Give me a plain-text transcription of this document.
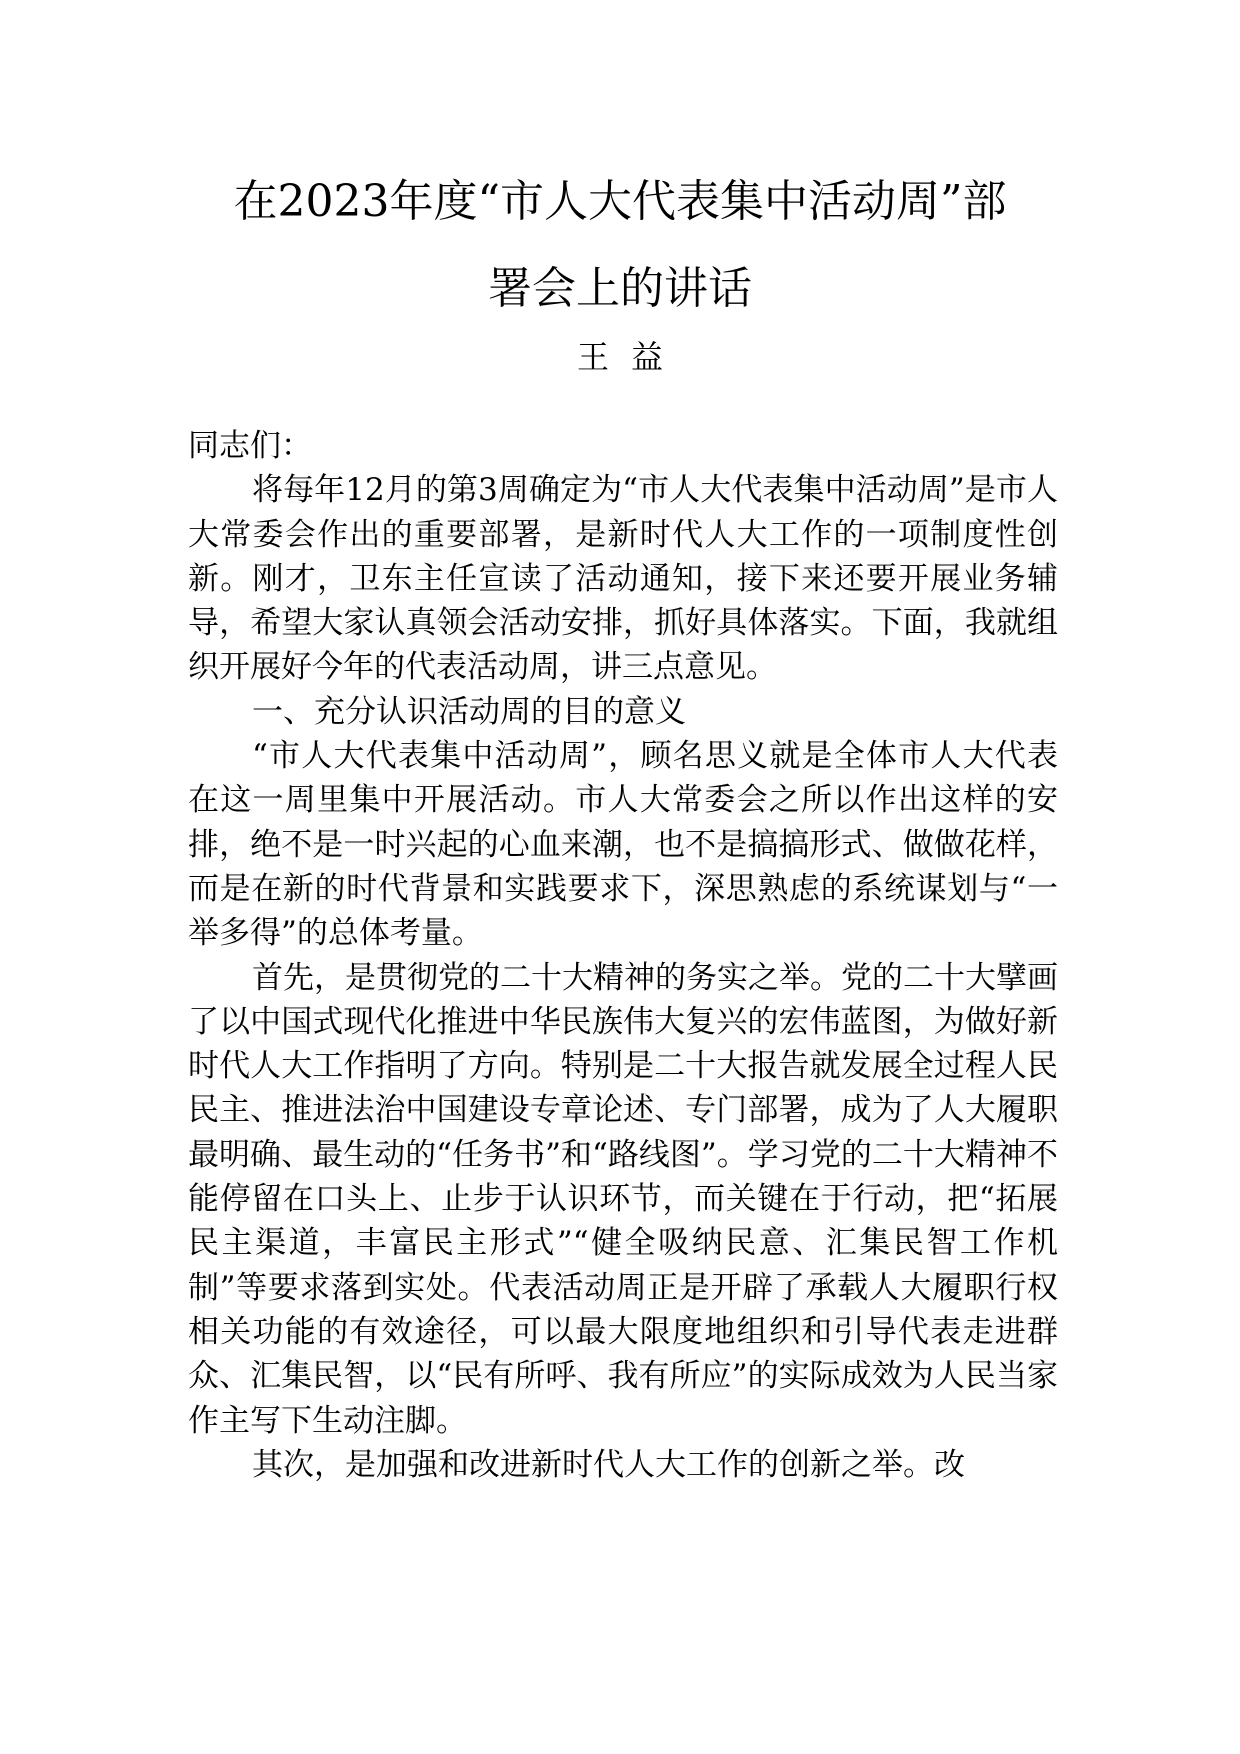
在2023年度“市人大代表集中活动周”部
署会上的讲话
王益

同志们：

将每年12月的第3周确定为“市人大代表集中活动周”是市人大常委会作出的重要部署，是新时代人大工作的一项制度性创新。刚才，卫东主任宣读了活动通知，接下来还要开展业务辅导，希望大家认真领会活动安排，抓好具体落实。下面，我就组织开展好今年的代表活动周，讲三点意见。

一、充分认识活动周的目的意义

“市人大代表集中活动周”，顾名思义就是全体市人大代表在这一周里集中开展活动。市人大常委会之所以作出这样的安排，绝不是一时兴起的心血来潮，也不是搞搞形式、做做花样，而是在新的时代背景和实践要求下，深思熟虑的系统谋划与“一举多得”的总体考量。

首先，是贯彻党的二十大精神的务实之举。党的二十大擘画了以中国式现代化推进中华民族伟大复兴的宏伟蓝图，为做好新时代人大工作指明了方向。特别是二十大报告就发展全过程人民民主、推进法治中国建设专章论述、专门部署，成为了人大履职最明确、最生动的“任务书”和“路线图”。学习党的二十大精神不能停留在口头上、止步于认识环节，而关键在于行动，把“拓展民主渠道，丰富民主形式”“健全吸纳民意、汇集民智工作机制”等要求落到实处。代表活动周正是开辟了承载人大履职行权相关功能的有效途径，可以最大限度地组织和引导代表走进群众、汇集民智，以“民有所呼、我有所应”的实际成效为人民当家作主写下生动注脚。

其次，是加强和改进新时代人大工作的创新之举。改
